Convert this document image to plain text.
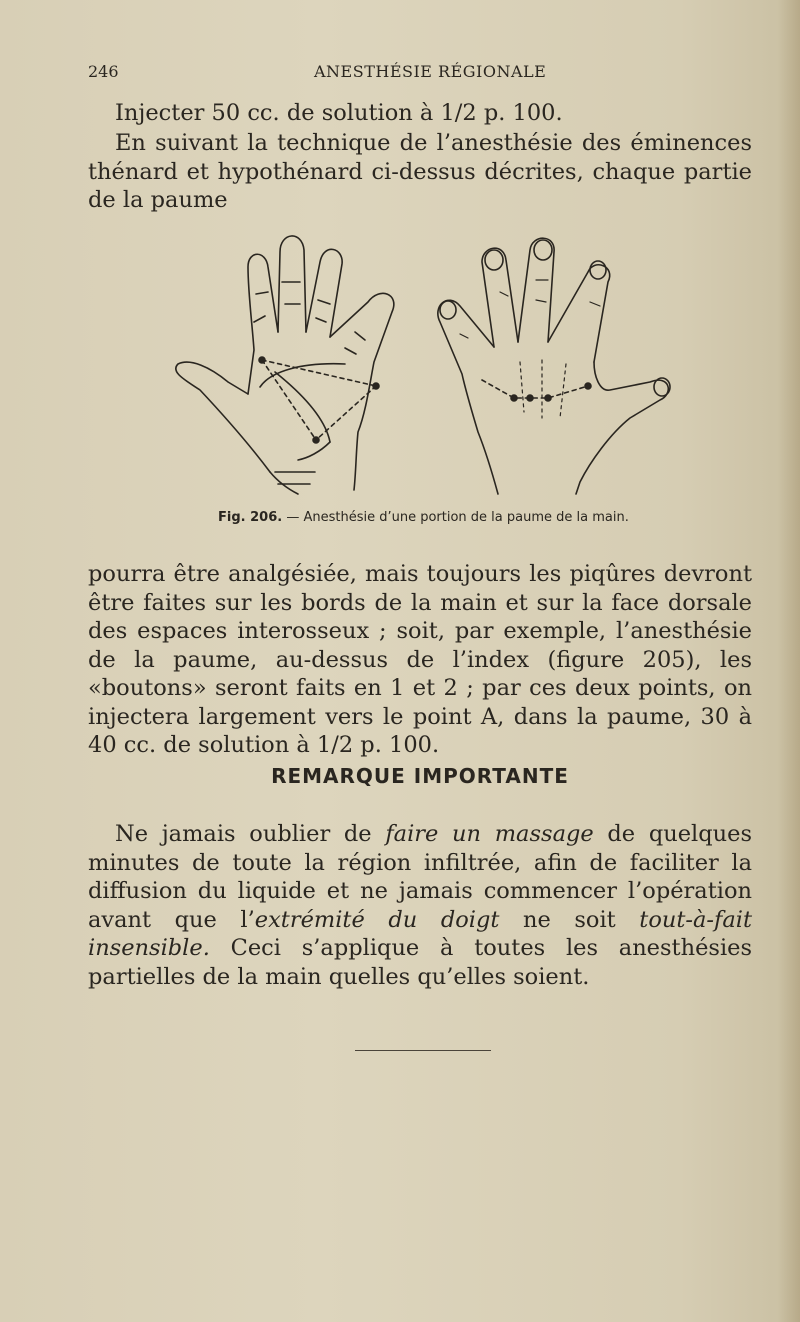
246	ANESTHÉSIE RÉGIONALE
Injecter 50 cc. de solution à 1/2 p. 100.
En suivant la technique de l’anesthésie des éminences thénard et hypothénard ci-dessus décrites, chaque partie de la paume
Fig. 206. — Anesthésie d’une portion de la paume de la main.
pourra être analgésiée, mais toujours les piqûres devront être faites sur les bords de la main et sur la face dorsale des espaces interosseux ; soit, par exemple, l’anesthésie de la paume, au-dessus de l’index (figure 205), les «boutons» seront faits en 1 et 2 ; par ces deux points, on injectera largement vers le point A, dans la paume, 30 à 40 cc. de solution à 1/2 p. 100.
REMARQUE IMPORTANTE
Ne jamais oublier de faire un massage de quelques minutes de toute la région infiltrée, afin de faciliter la diffusion du liquide et ne jamais commencer l’opération avant que l’extrémité du doigt ne soit tout-à-fait insensible. Ceci s’applique à toutes les anesthésies partielles de la main quelles qu’elles soient.
